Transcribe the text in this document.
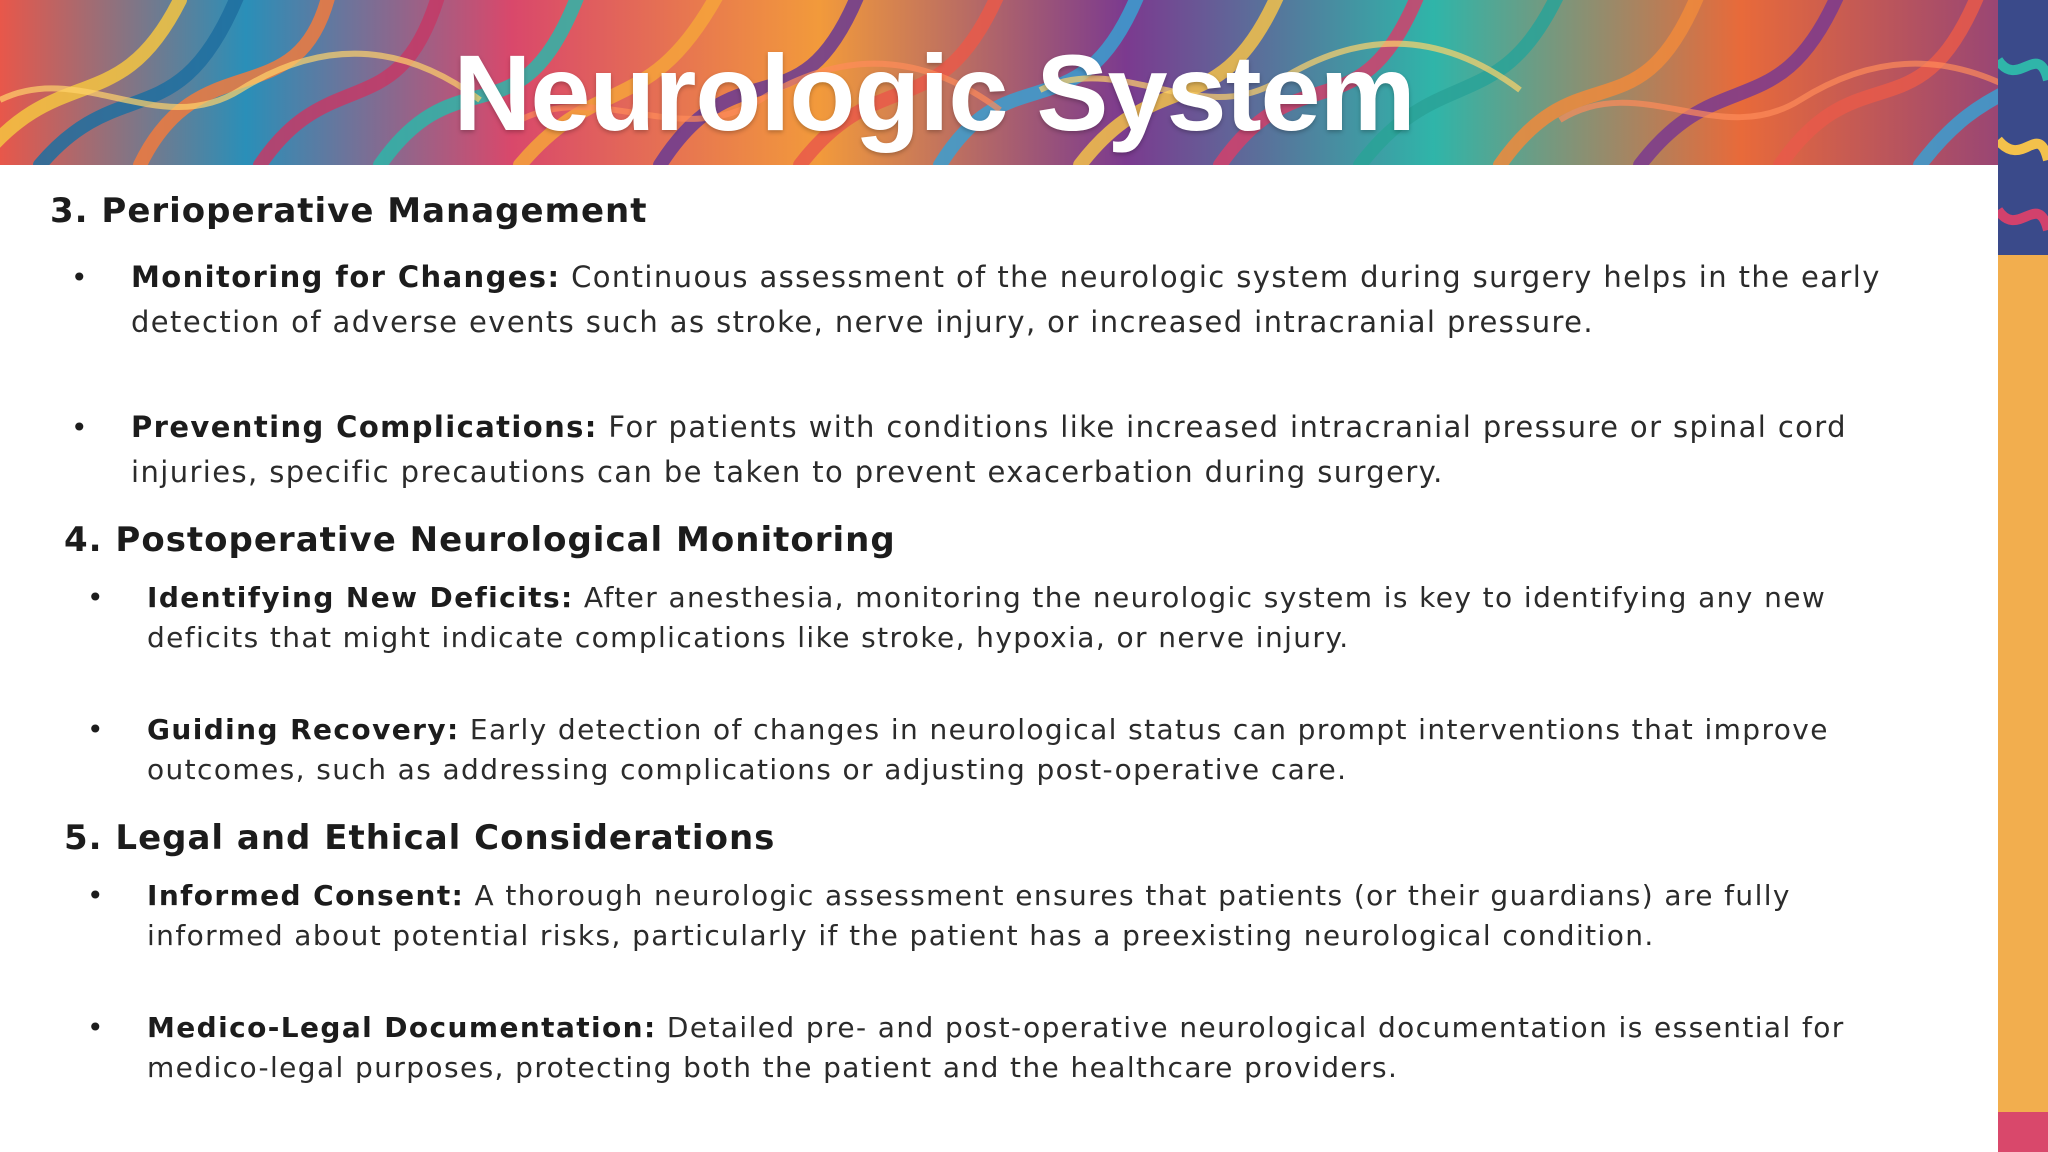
Neurologic System
3. Perioperative Management
• Monitoring for Changes: Continuous assessment of the neurologic system during surgery helps in the early detection of adverse events such as stroke, nerve injury, or increased intracranial pressure.
• Preventing Complications: For patients with conditions like increased intracranial pressure or spinal cord injuries, specific precautions can be taken to prevent exacerbation during surgery.
4. Postoperative Neurological Monitoring
• Identifying New Deficits: After anesthesia, monitoring the neurologic system is key to identifying any new deficits that might indicate complications like stroke, hypoxia, or nerve injury.
• Guiding Recovery: Early detection of changes in neurological status can prompt interventions that improve outcomes, such as addressing complications or adjusting post-operative care.
5. Legal and Ethical Considerations
• Informed Consent: A thorough neurologic assessment ensures that patients (or their guardians) are fully informed about potential risks, particularly if the patient has a preexisting neurological condition.
• Medico-Legal Documentation: Detailed pre- and post-operative neurological documentation is essential for medico-legal purposes, protecting both the patient and the healthcare providers.
